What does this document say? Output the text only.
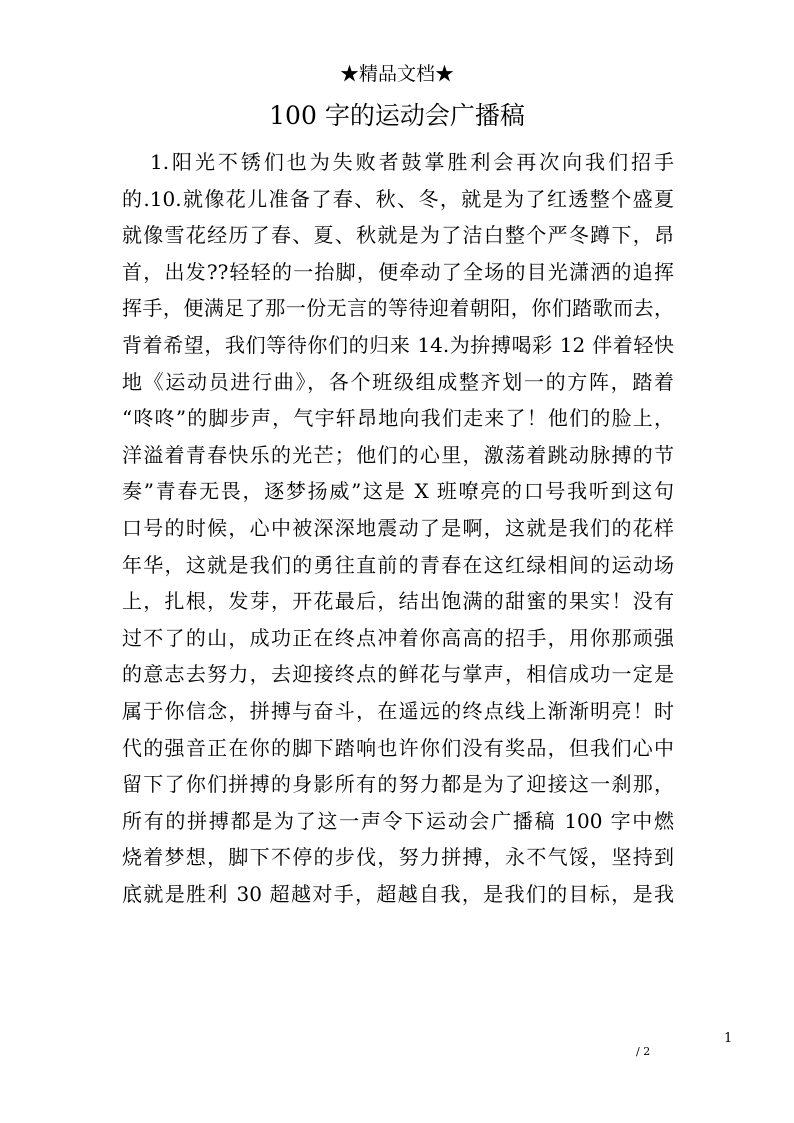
★精品文档★
100 字的运动会广播稿
1.阳光不锈们也为失败者鼓掌胜利会再次向我们招手
的.10.就像花儿准备了春、秋、冬，就是为了红透整个盛夏
就像雪花经历了春、夏、秋就是为了洁白整个严冬蹲下，昂
首，出发??轻轻的一抬脚，便牵动了全场的目光潇洒的追挥
挥手，便满足了那一份无言的等待迎着朝阳，你们踏歌而去，
背着希望，我们等待你们的归来 14.为拚搏喝彩 12 伴着轻快
地《运动员进行曲》，各个班级组成整齐划一的方阵，踏着
“咚咚”的脚步声，气宇轩昂地向我们走来了！他们的脸上，
洋溢着青春快乐的光芒；他们的心里，激荡着跳动脉搏的节
奏”青春无畏，逐梦扬威”这是 X 班嘹亮的口号我听到这句
口号的时候，心中被深深地震动了是啊，这就是我们的花样
年华，这就是我们的勇往直前的青春在这红绿相间的运动场
上，扎根，发芽，开花最后，结出饱满的甜蜜的果实！没有
过不了的山，成功正在终点冲着你高高的招手，用你那顽强
的意志去努力，去迎接终点的鲜花与掌声，相信成功一定是
属于你信念，拼搏与奋斗，在遥远的终点线上渐渐明亮！时
代的强音正在你的脚下踏响也许你们没有奖品，但我们心中
留下了你们拼搏的身影所有的努力都是为了迎接这一刹那，
所有的拼搏都是为了这一声令下运动会广播稿 100 字中燃
烧着梦想，脚下不停的步伐，努力拼搏，永不气馁，坚持到
底就是胜利 30 超越对手，超越自我，是我们的目标，是我
1
/ 2
